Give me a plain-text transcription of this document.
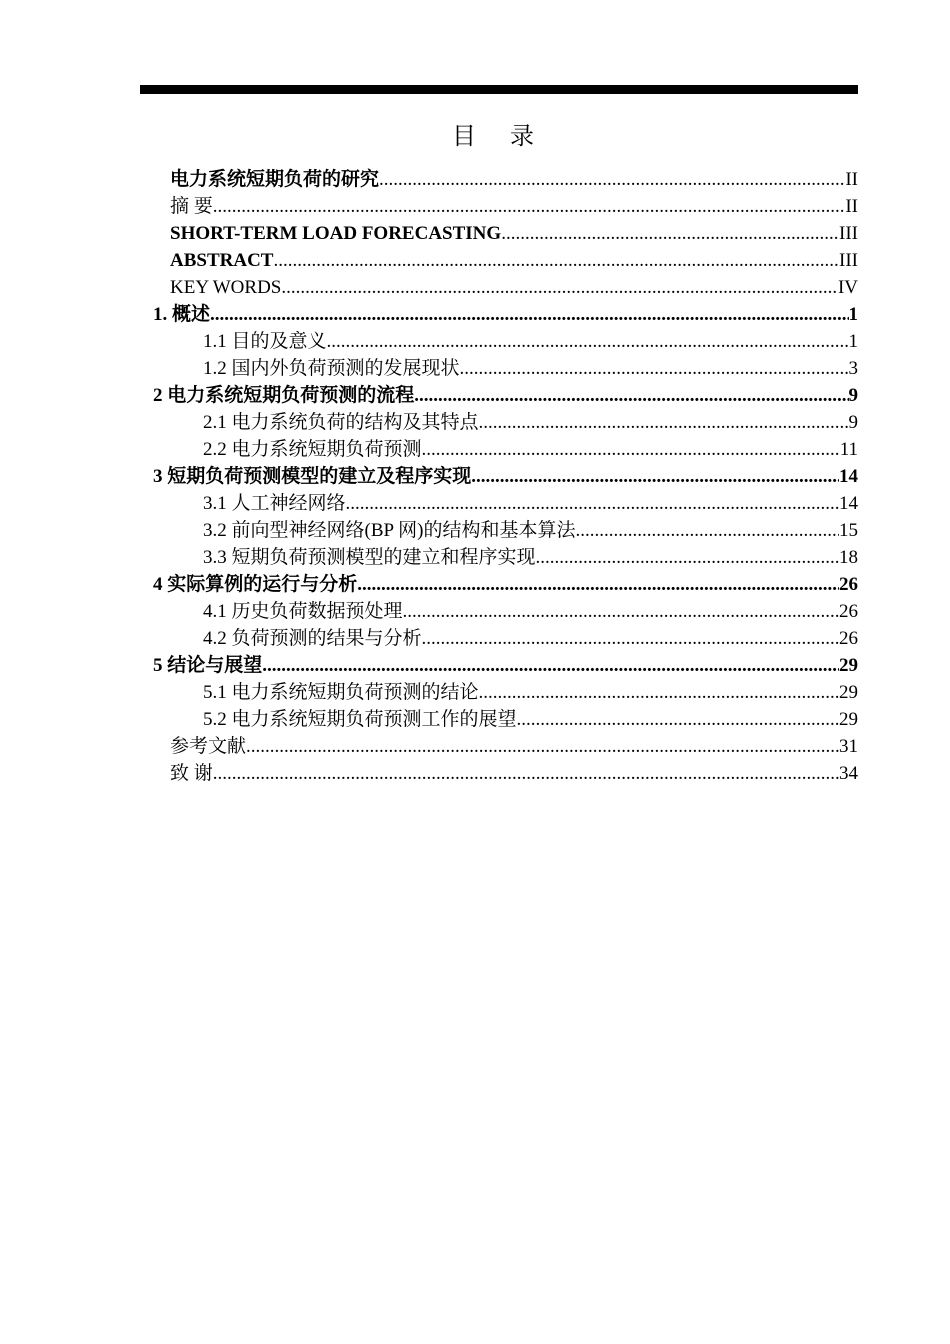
目 录
电力系统短期负荷的研究 .....	II
摘 要 .....	II
SHORT-TERM LOAD FORECASTING .....	III
ABSTRACT .....	III
KEY WORDS .....	IV
1. 概述 .....	1
1.1 目的及意义 .....	1
1.2 国内外负荷预测的发展现状 .....	3
2 电力系统短期负荷预测的流程 .....	9
2.1 电力系统负荷的结构及其特点 .....	9
2.2 电力系统短期负荷预测 .....	11
3 短期负荷预测模型的建立及程序实现 .....	14
3.1 人工神经网络 .....	14
3.2 前向型神经网络(BP 网)的结构和基本算法 .....	15
3.3 短期负荷预测模型的建立和程序实现 .....	18
4 实际算例的运行与分析 .....	26
4.1 历史负荷数据预处理 .....	26
4.2 负荷预测的结果与分析 .....	26
5 结论与展望 .....	29
5.1 电力系统短期负荷预测的结论 .....	29
5.2 电力系统短期负荷预测工作的展望 .....	29
参考文献 .....	31
致 谢 .....	34
